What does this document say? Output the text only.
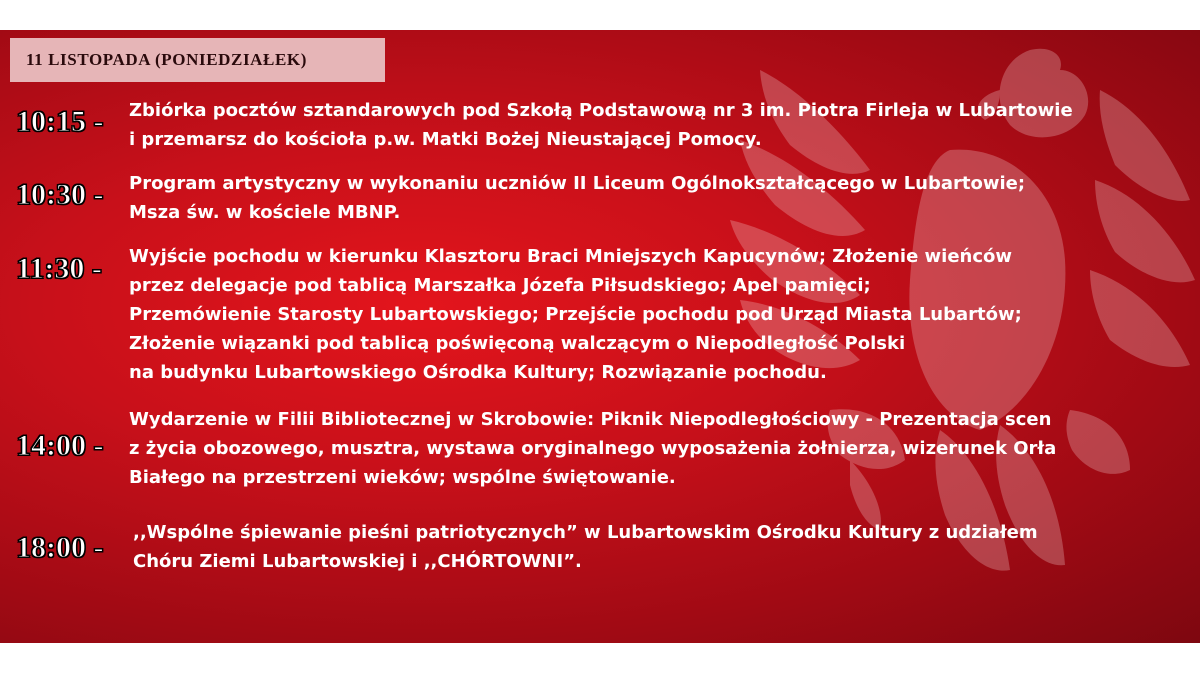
11 LISTOPADA (PONIEDZIAŁEK)
10:15 - Zbiórka pocztów sztandarowych pod Szkołą Podstawową nr 3 im. Piotra Firleja w Lubartowie
i przemarsz do kościoła p.w. Matki Bożej Nieustającej Pomocy.
10:30 - Program artystyczny w wykonaniu uczniów II Liceum Ogólnokształcącego w Lubartowie;
Msza św. w kościele MBNP.
11:30 - Wyjście pochodu w kierunku Klasztoru Braci Mniejszych Kapucynów; Złożenie wieńców
przez delegacje pod tablicą Marszałka Józefa Piłsudskiego; Apel pamięci;
Przemówienie Starosty Lubartowskiego; Przejście pochodu pod Urząd Miasta Lubartów;
Złożenie wiązanki pod tablicą poświęconą walczącym o Niepodległość Polski
na budynku Lubartowskiego Ośrodka Kultury; Rozwiązanie pochodu.
14:00 -
Wydarzenie w Filii Bibliotecznej w Skrobowie: Piknik Niepodległościowy - Prezentacja scen
z życia obozowego, musztra, wystawa oryginalnego wyposażenia żołnierza, wizerunek Orła
Białego na przestrzeni wieków; wspólne świętowanie.
18:00 - ,,Wspólne śpiewanie pieśni patriotycznych” w Lubartowskim Ośrodku Kultury z udziałem
Chóru Ziemi Lubartowskiej i ,,CHÓRTOWNI”.
